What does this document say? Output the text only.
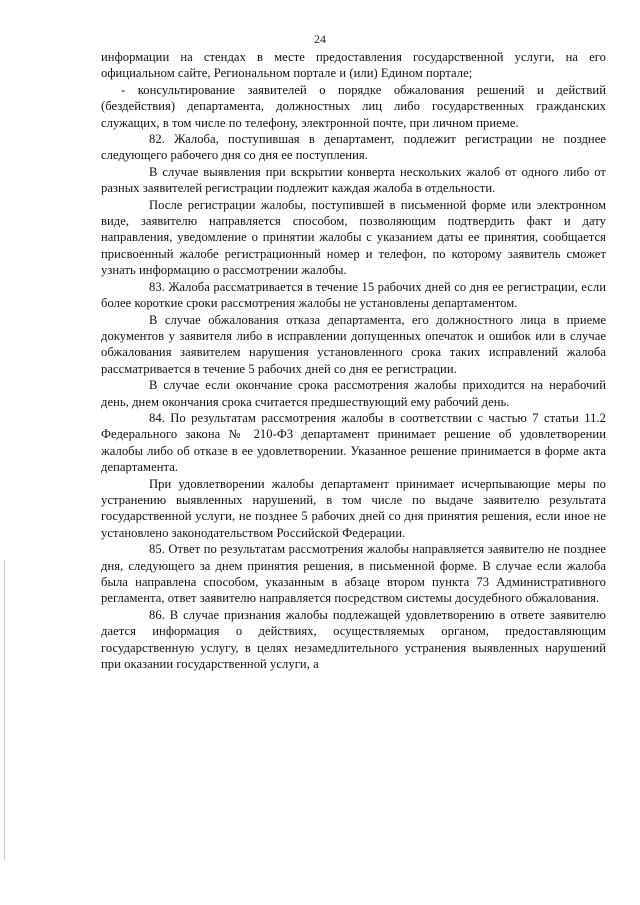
24

информации на стендах в месте предоставления государственной услуги, на его официальном сайте, Региональном портале и (или) Едином портале;

- консультирование заявителей о порядке обжалования решений и действий (бездействия) департамента, должностных лиц либо государственных гражданских служащих, в том числе по телефону, электронной почте, при личном приеме.

82. Жалоба, поступившая в департамент, подлежит регистрации не позднее следующего рабочего дня со дня ее поступления.

В случае выявления при вскрытии конверта нескольких жалоб от одного либо от разных заявителей регистрации подлежит каждая жалоба в отдельности.

После регистрации жалобы, поступившей в письменной форме или электронном виде, заявителю направляется способом, позволяющим подтвердить факт и дату направления, уведомление о принятии жалобы с указанием даты ее принятия, сообщается присвоенный жалобе регистрационный номер и телефон, по которому заявитель сможет узнать информацию о рассмотрении жалобы.

83. Жалоба рассматривается в течение 15 рабочих дней со дня ее регистрации, если более короткие сроки рассмотрения жалобы не установлены департаментом.

В случае обжалования отказа департамента, его должностного лица в приеме документов у заявителя либо в исправлении допущенных опечаток и ошибок или в случае обжалования заявителем нарушения установленного срока таких исправлений жалоба рассматривается в течение 5 рабочих дней со дня ее регистрации.

В случае если окончание срока рассмотрения жалобы приходится на нерабочий день, днем окончания срока считается предшествующий ему рабочий день.

84. По результатам рассмотрения жалобы в соответствии с частью 7 статьи 11.2 Федерального закона № 210-ФЗ департамент принимает решение об удовлетворении жалобы либо об отказе в ее удовлетворении. Указанное решение принимается в форме акта департамента.

При удовлетворении жалобы департамент принимает исчерпывающие меры по устранению выявленных нарушений, в том числе по выдаче заявителю результата государственной услуги, не позднее 5 рабочих дней со дня принятия решения, если иное не установлено законодательством Российской Федерации.

85. Ответ по результатам рассмотрения жалобы направляется заявителю не позднее дня, следующего за днем принятия решения, в письменной форме. В случае если жалоба была направлена способом, указанным в абзаце втором пункта 73 Административного регламента, ответ заявителю направляется посредством системы досудебного обжалования.

86. В случае признания жалобы подлежащей удовлетворению в ответе заявителю дается информация о действиях, осуществляемых органом, предоставляющим государственную услугу, в целях незамедлительного устранения выявленных нарушений при оказании государственной услуги, а
